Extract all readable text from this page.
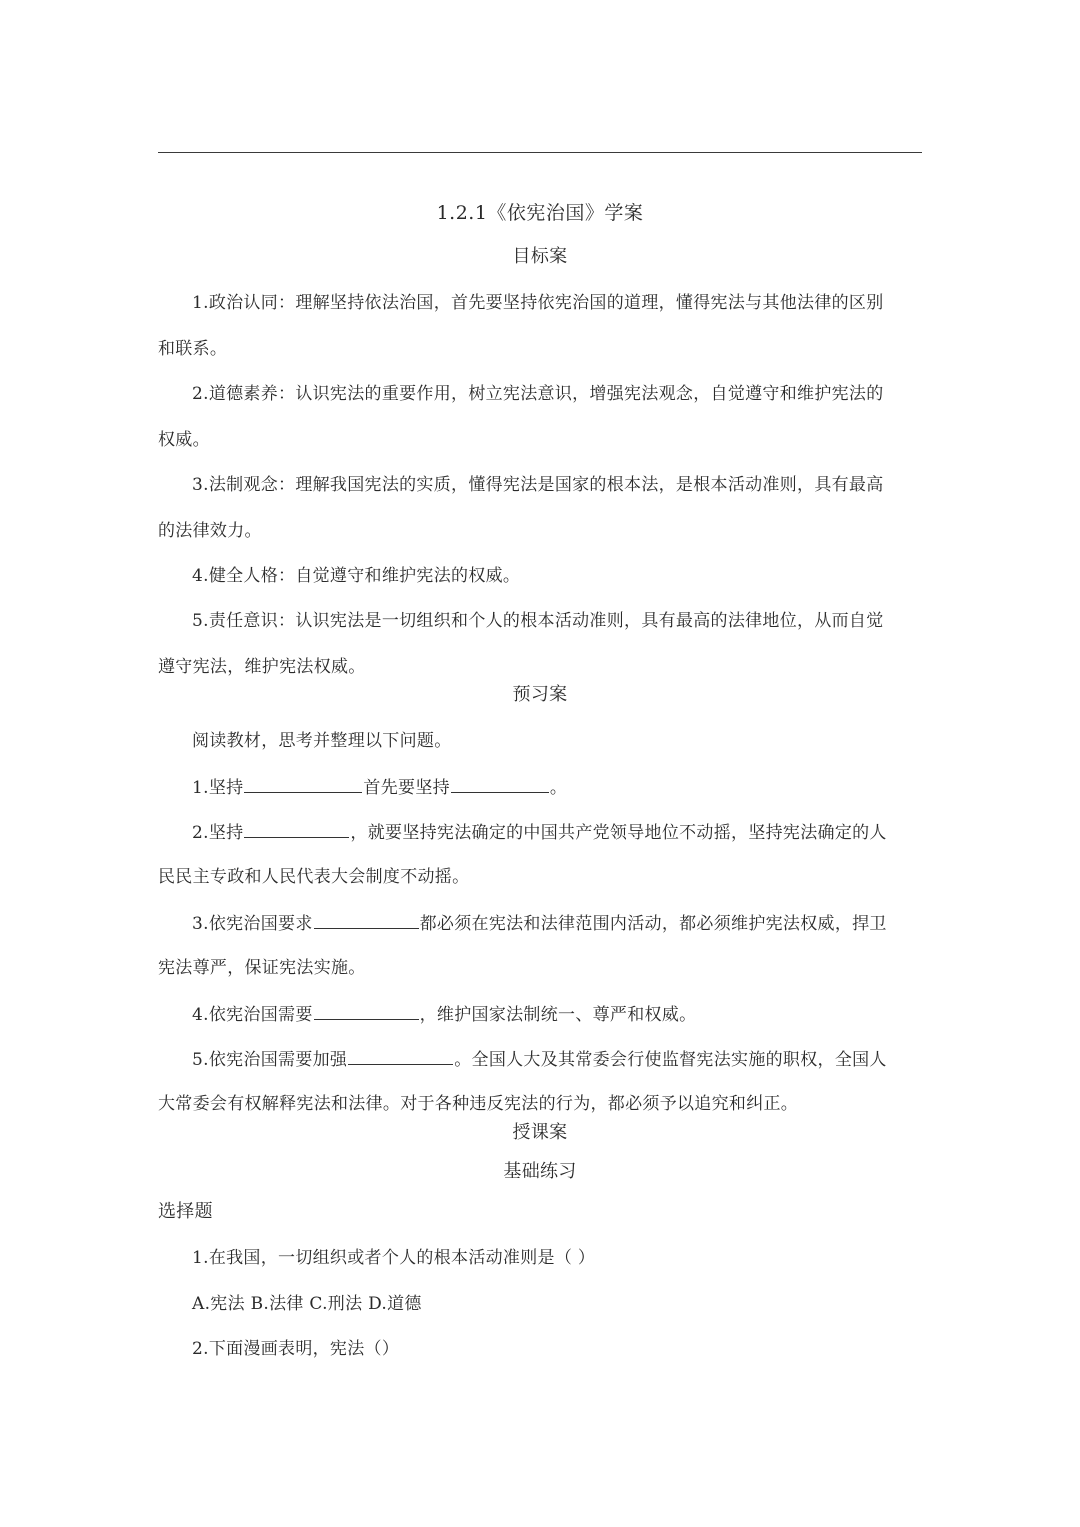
1.2.1《依宪治国》学案
目标案
1.政治认同：理解坚持依法治国，首先要坚持依宪治国的道理，懂得宪法与其他法律的区别
和联系。
2.道德素养：认识宪法的重要作用，树立宪法意识，增强宪法观念，自觉遵守和维护宪法的
权威。
3.法制观念：理解我国宪法的实质，懂得宪法是国家的根本法，是根本活动准则，具有最高
的法律效力。
4.健全人格：自觉遵守和维护宪法的权威。
5.责任意识：认识宪法是一切组织和个人的根本活动准则，具有最高的法律地位，从而自觉
遵守宪法，维护宪法权威。
预习案
阅读教材，思考并整理以下问题。
1.坚持	首先要坚持	。
2.坚持	，就要坚持宪法确定的中国共产党领导地位不动摇，坚持宪法确定的人
民民主专政和人民代表大会制度不动摇。
3.依宪治国要求	都必须在宪法和法律范围内活动，都必须维护宪法权威，捍卫
宪法尊严，保证宪法实施。
4.依宪治国需要	，维护国家法制统一、尊严和权威。
5.依宪治国需要加强	。全国人大及其常委会行使监督宪法实施的职权，全国人
大常委会有权解释宪法和法律。对于各种违反宪法的行为，都必须予以追究和纠正。
授课案
基础练习
选择题
1.在我国，一切组织或者个人的根本活动准则是（ ）
A.宪法 B.法律 C.刑法 D.道德
2.下面漫画表明，宪法（）
